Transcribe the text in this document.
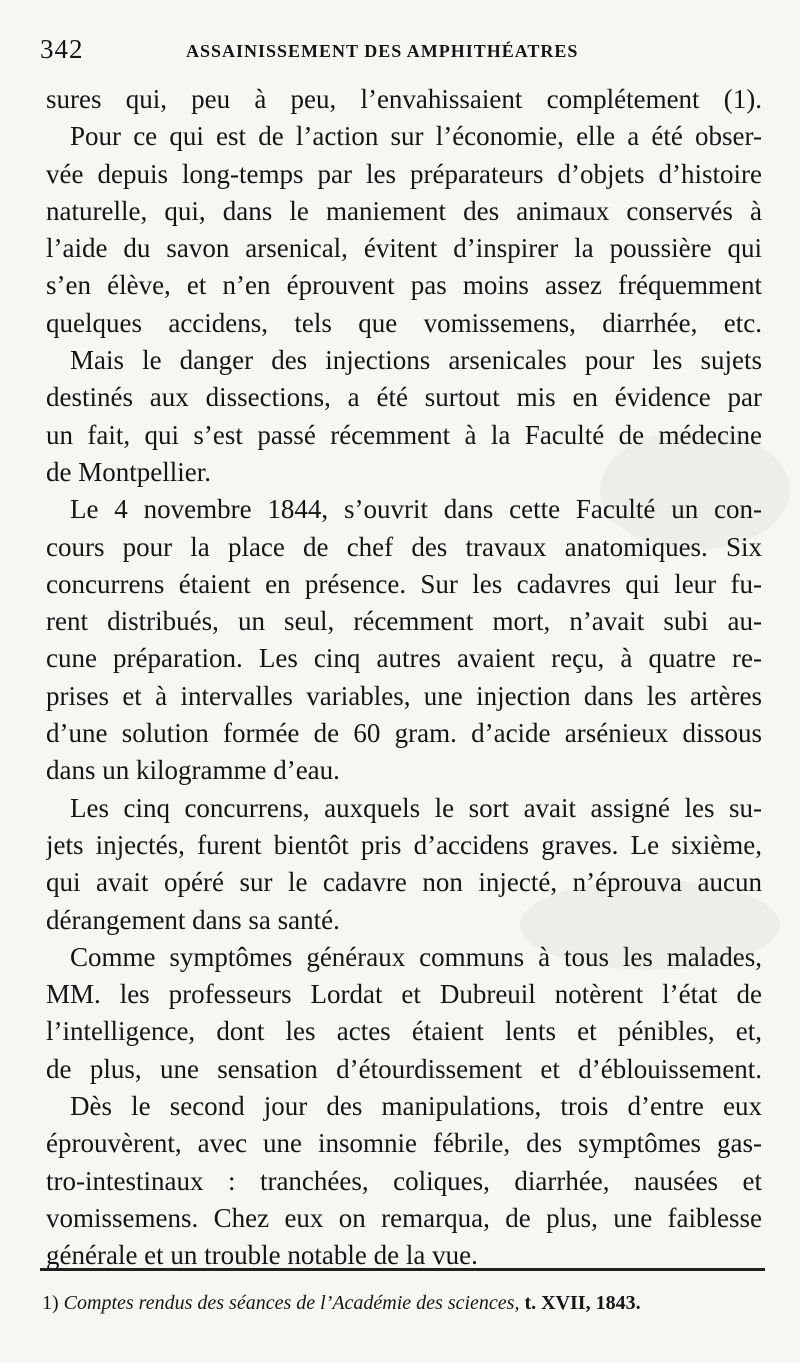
342	ASSAINISSEMENT DES AMPHITHÉATRES
sures qui, peu à peu, l’envahissaient complétement (1).
Pour ce qui est de l’action sur l’économie, elle a été obser-
vée depuis long-temps par les préparateurs d’objets d’histoire
naturelle, qui, dans le maniement des animaux conservés à
l’aide du savon arsenical, évitent d’inspirer la poussière qui
s’en élève, et n’en éprouvent pas moins assez fréquemment
quelques accidens, tels que vomissemens, diarrhée, etc.
Mais le danger des injections arsenicales pour les sujets
destinés aux dissections, a été surtout mis en évidence par
un fait, qui s’est passé récemment à la Faculté de médecine
de Montpellier.
Le 4 novembre 1844, s’ouvrit dans cette Faculté un con-
cours pour la place de chef des travaux anatomiques. Six
concurrens étaient en présence. Sur les cadavres qui leur fu-
rent distribués, un seul, récemment mort, n’avait subi au-
cune préparation. Les cinq autres avaient reçu, à quatre re-
prises et à intervalles variables, une injection dans les artères
d’une solution formée de 60 gram. d’acide arsénieux dissous
dans un kilogramme d’eau.
Les cinq concurrens, auxquels le sort avait assigné les su-
jets injectés, furent bientôt pris d’accidens graves. Le sixième,
qui avait opéré sur le cadavre non injecté, n’éprouva aucun
dérangement dans sa santé.
Comme symptômes généraux communs à tous les malades,
MM. les professeurs Lordat et Dubreuil notèrent l’état de
l’intelligence, dont les actes étaient lents et pénibles, et,
de plus, une sensation d’étourdissement et d’éblouissement.
Dès le second jour des manipulations, trois d’entre eux
éprouvèrent, avec une insomnie fébrile, des symptômes gas-
tro-intestinaux : tranchées, coliques, diarrhée, nausées et
vomissemens. Chez eux on remarqua, de plus, une faiblesse
générale et un trouble notable de la vue.
1) Comptes rendus des séances de l’Académie des sciences, t. XVII, 1843.
